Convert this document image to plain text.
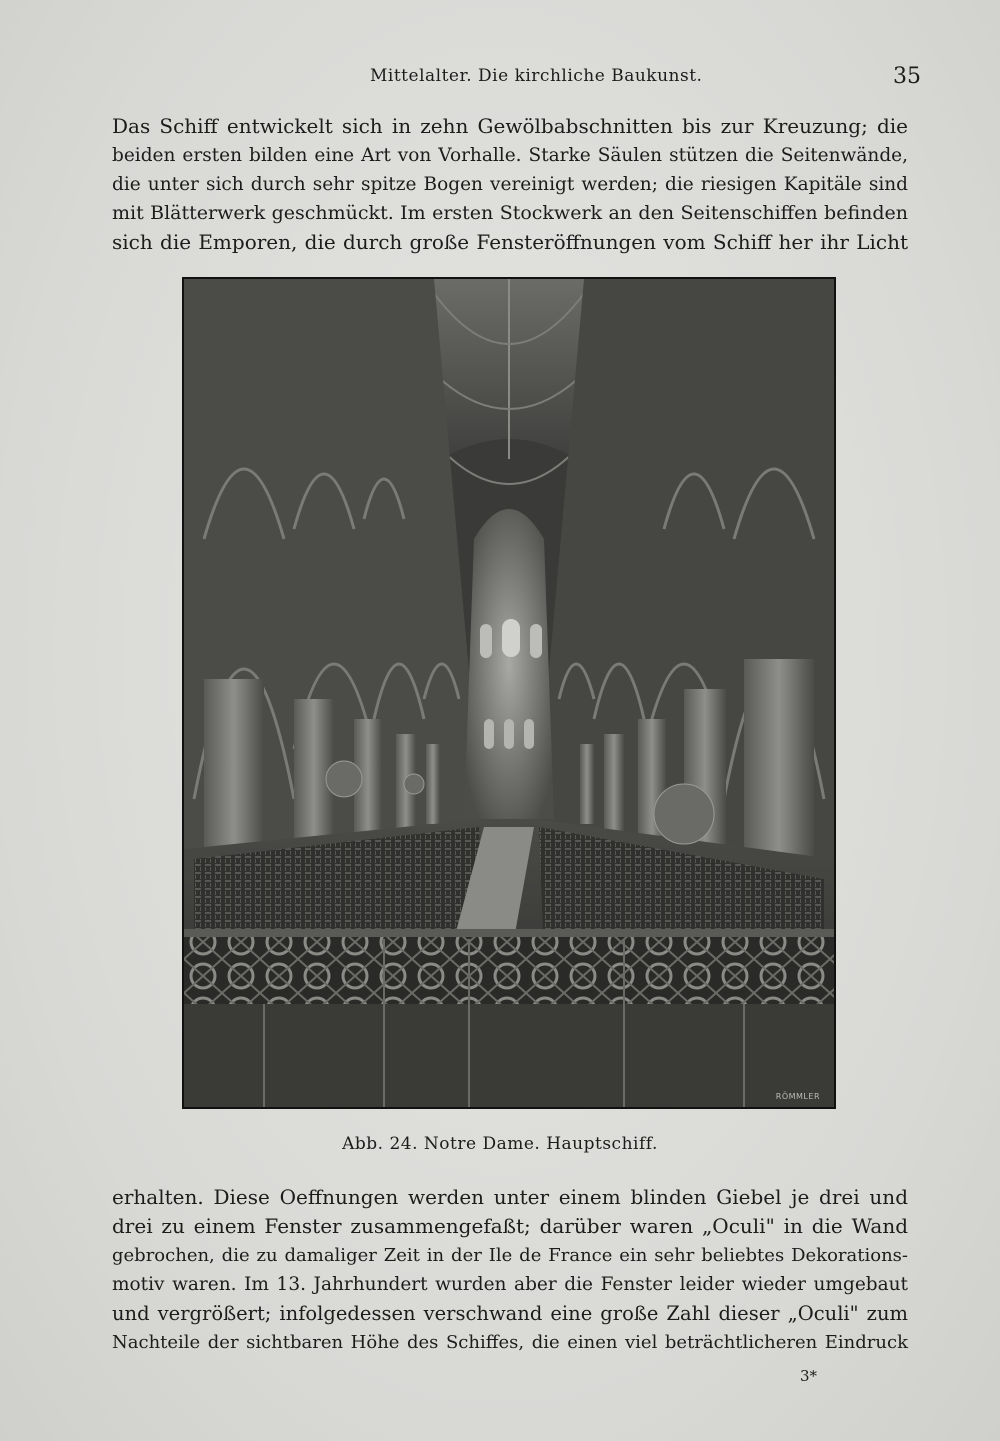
Mittelalter. Die kirchliche Baukunst.	35
Das Schiff entwickelt sich in zehn Gewölbabschnitten bis zur Kreuzung; die
beiden ersten bilden eine Art von Vorhalle. Starke Säulen stützen die Seitenwände,
die unter sich durch sehr spitze Bogen vereinigt werden; die riesigen Kapitäle sind
mit Blätterwerk geschmückt. Im ersten Stockwerk an den Seitenschiffen befinden
sich die Emporen, die durch große Fensteröffnungen vom Schiff her ihr Licht
RÖMMLER
Abb. 24. Notre Dame. Hauptschiff.
erhalten. Diese Oeffnungen werden unter einem blinden Giebel je drei und
drei zu einem Fenster zusammengefaßt; darüber waren „Oculi" in die Wand
gebrochen, die zu damaliger Zeit in der Ile de France ein sehr beliebtes Dekorations-
motiv waren. Im 13. Jahrhundert wurden aber die Fenster leider wieder umgebaut
und vergrößert; infolgedessen verschwand eine große Zahl dieser „Oculi" zum
Nachteile der sichtbaren Höhe des Schiffes, die einen viel beträchtlicheren Eindruck
3*
